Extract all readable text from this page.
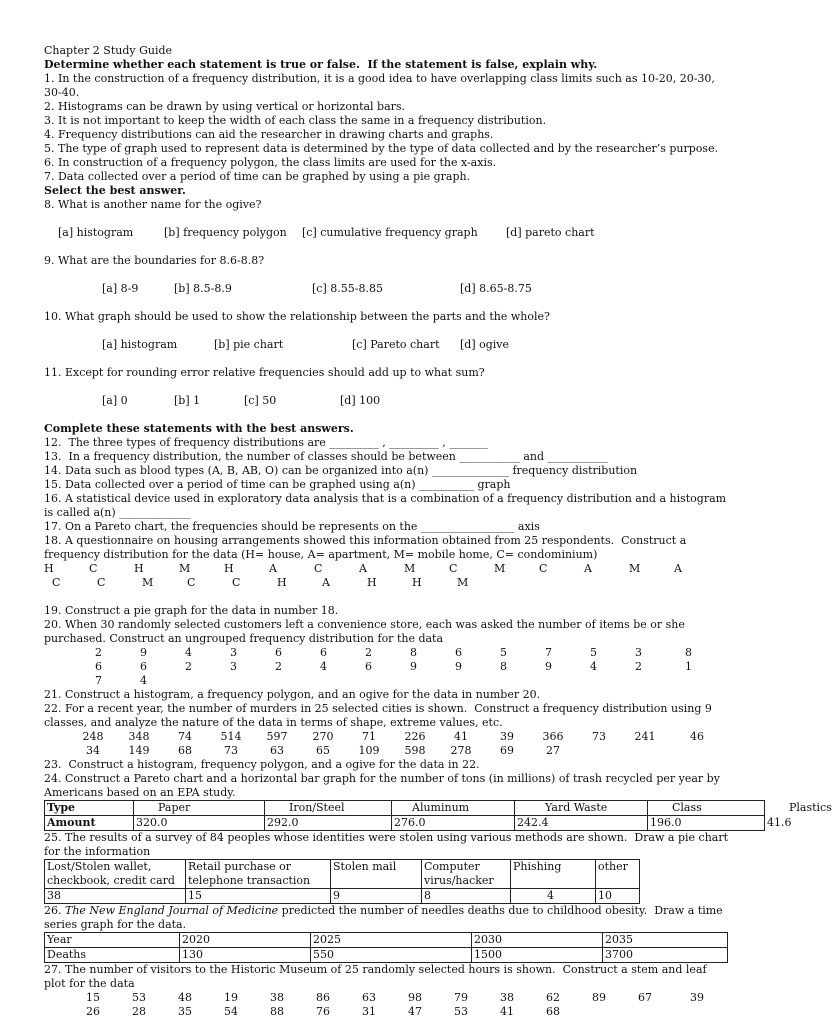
Chapter 2 Study Guide

Determine whether each statement is true or false.  If the statement is false, explain why.

1. In the construction of a frequency distribution, it is a good idea to have overlapping class limits such as 10-20, 20-30, 30-40.

2. Histograms can be drawn by using vertical or horizontal bars.

3. It is not important to keep the width of each class the same in a frequency distribution.

4. Frequency distributions can aid the researcher in drawing charts and graphs.

5. The type of graph used to represent data is determined by the type of data collected and by the researcher’s purpose.

6. In construction of a frequency polygon, the class limits are used for the x-axis.

7. Data collected over a period of time can be graphed by using a pie graph.

Select the best answer.

8. What is another name for the ogive?

[a] histogram	[b] frequency polygon [c] cumulative frequency graph	[d] pareto chart

9. What are the boundaries for 8.6-8.8?

[a] 8-9	[b] 8.5-8.9	[c] 8.55-8.85	[d] 8.65-8.75

10. What graph should be used to show the relationship between the parts and the whole?

[a] histogram	[b] pie chart	[c] Pareto chart [d] ogive

11. Except for rounding error relative frequencies should add up to what sum?

[a] 0	[b] 1	[c] 50	[d] 100

Complete these statements with the best answers.

12.  The three types of frequency distributions are _________ , _________ , _______

13.  In a frequency distribution, the number of classes should be between ___________ and ___________

14. Data such as blood types (A, B, AB, O) can be organized into a(n) ______________ frequency distribution

15. Data collected over a period of time can be graphed using a(n) __________ graph

16. A statistical device used in exploratory data analysis that is a combination of a frequency distribution and a histogram is called a(n) _____________

17. On a Pareto chart, the frequencies should be represents on the _________________ axis

18. A questionnaire on housing arrangements showed this information obtained from 25 respondents.  Construct a frequency distribution for the data (H= house, A= apartment, M= mobile home, C= condominium)

H	C	H	M	H	A	C	A	M	C	M	C	A	M	A
C	C	M	C	C	H	A	H	H	M					

19. Construct a pie graph for the data in number 18.

20. When 30 randomly selected customers left a convenience store, each was asked the number of items be or she purchased. Construct an ungrouped frequency distribution for the data

2	9	4	3	6	6	2	8	6	5	7	5	3	8
6	6	2	3	2	4	6	9	9	8	9	4	2	1
7	4												

21. Construct a histogram, a frequency polygon, and an ogive for the data in number 20.

22. For a recent year, the number of murders in 25 selected cities is shown.  Construct a frequency distribution using 9 classes, and analyze the nature of the data in terms of shape, extreme values, etc.

248	348	74	514	597	270	71	226	41	39	366	73	241	46
34	149	68	73	63	65	109	598	278	69	27			

23.  Construct a histogram, frequency polygon, and a ogive for the data in 22.

24. Construct a Pareto chart and a horizontal bar graph for the number of tons (in millions) of trash recycled per year by Americans based on an EPA study.

Type	Paper	Iron/Steel	Aluminum	Yard Waste	Class	Plastics
Amount	320.0	292.0	276.0	242.4	196.0	41.6

25. The results of a survey of 84 peoples whose identities were stolen using various methods are shown.  Draw a pie chart for the information

Lost/Stolen wallet, checkbook, credit card	Retail purchase or telephone transaction	Stolen mail	Computer virus/hacker	Phishing	other
38	15	9	8	4	10

26. The New England Journal of Medicine predicted the number of needles deaths due to childhood obesity.  Draw a time series graph for the data.

Year	2020	2025	2030	2035
Deaths	130	550	1500	3700

27. The number of visitors to the Historic Museum of 25 randomly selected hours is shown.  Construct a stem and leaf plot for the data

15	53	48	19	38	86	63	98	79	38	62	89	67	39
26	28	35	54	88	76	31	47	53	41	68			
